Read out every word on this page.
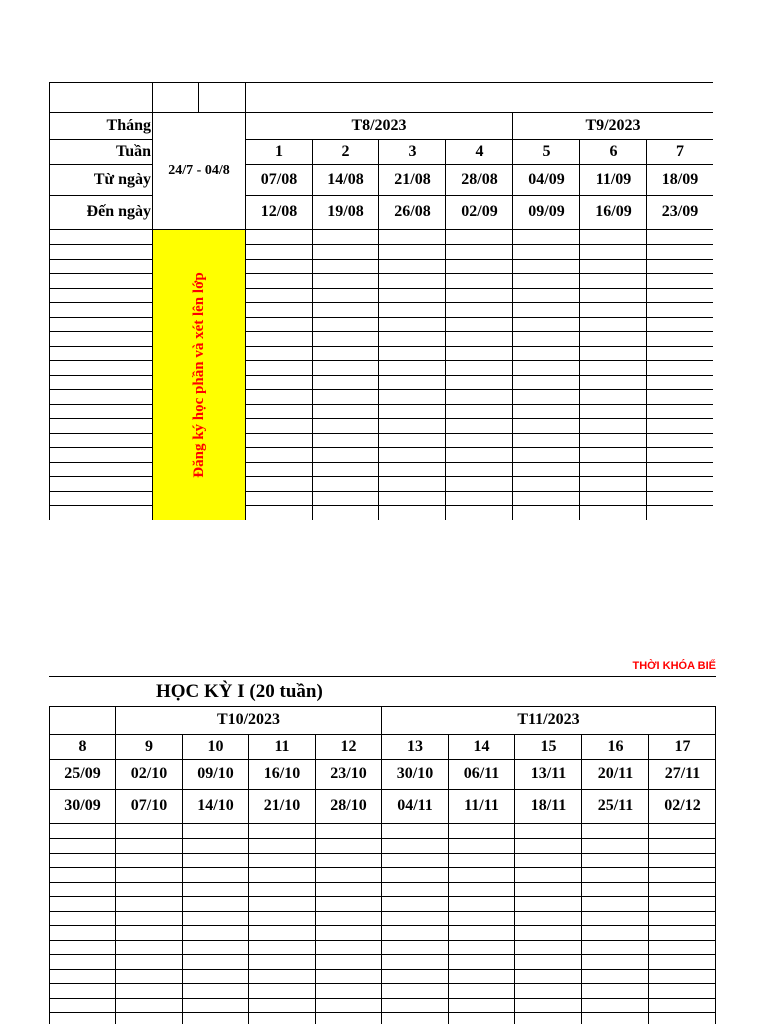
Đăng ký học phần và xét lên lớp
Tháng
Tuần
Từ ngày
Đến ngày
24/7 - 04/8
T8/2023	T9/2023
1
07/08
12/08
2
14/08
19/08
3
21/08
26/08
4
28/08
02/09
5
04/09
09/09
6
11/09
16/09
7
18/09
23/09
THỜI KHÓA BIỂ
HỌC KỲ I (20 tuần)
T10/2023	T11/2023
8
25/09
30/09
9
02/10
07/10
10
09/10
14/10
11
16/10
21/10
12
23/10
28/10
13
30/10
04/11
14
06/11
11/11
15
13/11
18/11
16
20/11
25/11
17
27/11
02/12
